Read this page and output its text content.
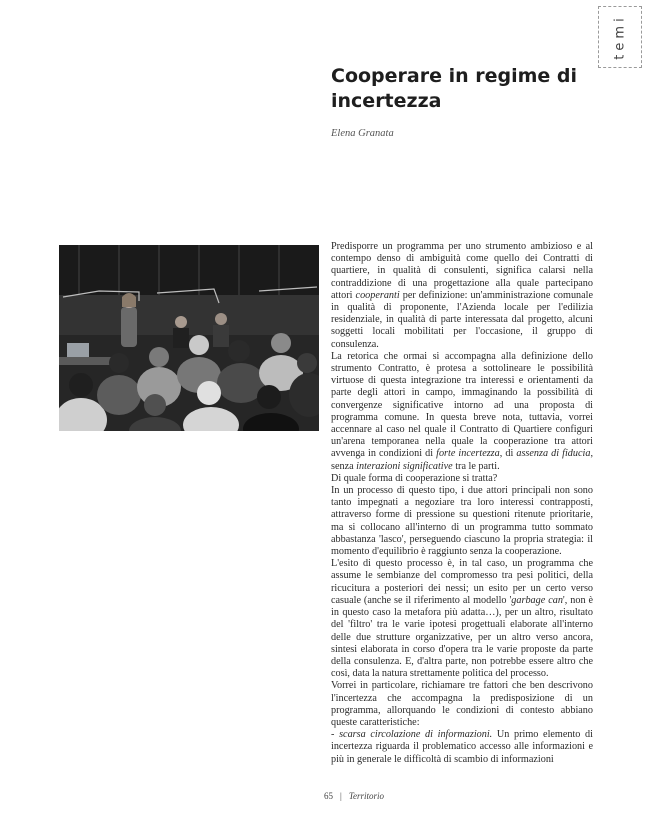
temi
Cooperare in regime di incertezza
Elena Granata

Predisporre un programma per uno strumento ambizioso e al contempo denso di ambiguità come quello dei Contratti di quartiere, in qualità di consulenti, significa calarsi nella contraddizione di una progettazione alla quale partecipano attori cooperanti per definizione: un'amministrazione comunale in qualità di proponente, l'Azienda locale per l'edilizia residenziale, in qualità di parte interessata dal progetto, alcuni soggetti locali mobilitati per l'occasione, il gruppo di consulenza.

La retorica che ormai si accompagna alla definizione dello strumento Contratto, è protesa a sottolineare le possibilità virtuose di questa integrazione tra interessi e orientamenti da parte degli attori in campo, immaginando la possibilità di convergenze significative intorno ad una proposta di programma comune. In questa breve nota, tuttavia, vorrei accennare al caso nel quale il Contratto di Quartiere configuri un'arena temporanea nella quale la cooperazione tra attori avvenga in condizioni di forte incertezza, di assenza di fiducia, senza interazioni significative tra le parti.

Di quale forma di cooperazione si tratta?

In un processo di questo tipo, i due attori principali non sono tanto impegnati a negoziare tra loro interessi contrapposti, attraverso forme di pressione su questioni ritenute prioritarie, ma si collocano all'interno di un programma tutto sommato abbastanza 'lasco', perseguendo ciascuno la propria strategia: il momento d'equilibrio è raggiunto senza la cooperazione.

L'esito di questo processo è, in tal caso, un programma che assume le sembianze del compromesso tra pesi politici, della ricucitura a posteriori dei nessi; un esito per un certo verso casuale (anche se il riferimento al modello 'garbage can', non è in questo caso la metafora più adatta…), per un altro, risultato del 'filtro' tra le varie ipotesi progettuali elaborate all'interno delle due strutture organizzative, per un altro verso ancora, sintesi elaborata in corso d'opera tra le varie proposte da parte della consulenza. E, d'altra parte, non potrebbe essere altro che così, data la natura strettamente politica del processo.

Vorrei in particolare, richiamare tre fattori che ben descrivono l'incertezza che accompagna la predisposizione di un programma, allorquando le condizioni di contesto abbiano queste caratteristiche:

- scarsa circolazione di informazioni. Un primo elemento di incertezza riguarda il problematico accesso alle informazioni e più in generale le difficoltà di scambio di informazioni

65 | Territorio
